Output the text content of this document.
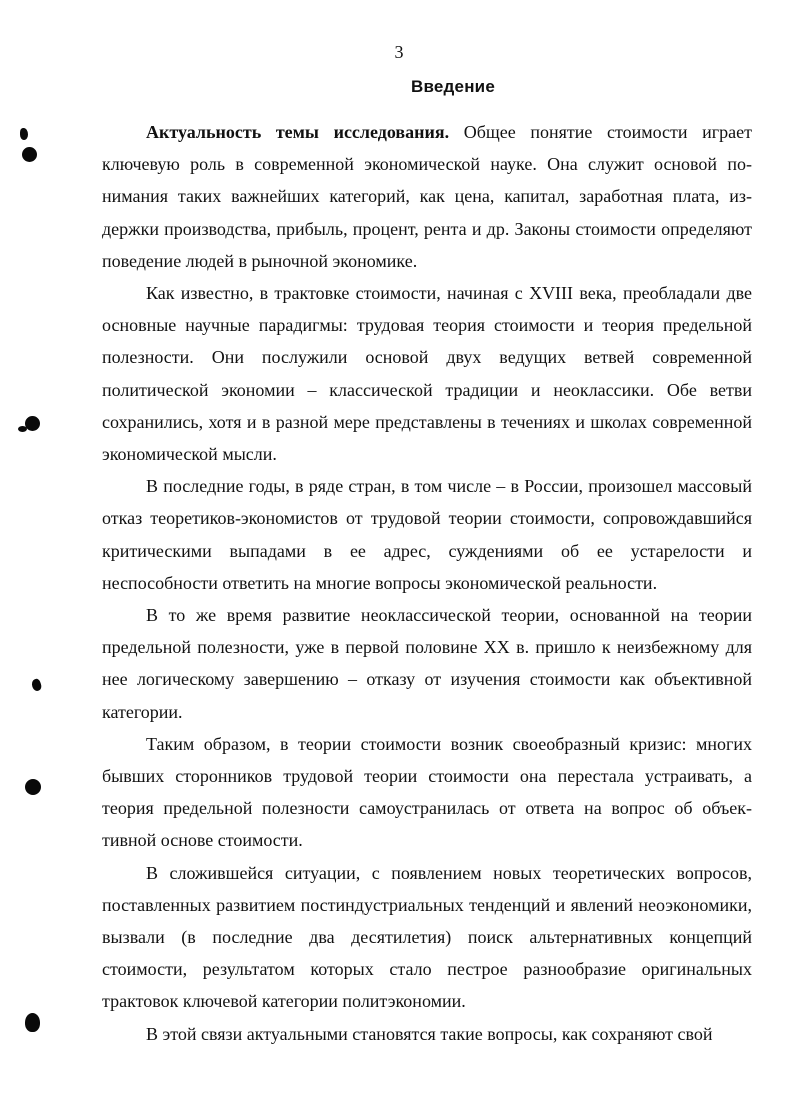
3
Введение

Актуальность темы исследования. Общее понятие стоимости играет ключевую роль в современной экономической науке. Она служит основой понимания таких важнейших категорий, как цена, капитал, заработная плата, издержки производства, прибыль, процент, рента и др. Законы стоимости определяют поведение людей в рыночной экономике.

Как известно, в трактовке стоимости, начиная с XVIII века, преобладали две основные научные парадигмы: трудовая теория стоимости и теория предельной полезности. Они послужили основой двух ведущих ветвей современной политической экономии – классической традиции и неоклассики. Обе ветви сохранились, хотя и в разной мере представлены в течениях и школах современной экономической мысли.

В последние годы, в ряде стран, в том числе – в России, произошел массовый отказ теоретиков-экономистов от трудовой теории стоимости, сопровождавшийся критическими выпадами в ее адрес, суждениями об ее устарелости и неспособности ответить на многие вопросы экономической реальности.

В то же время развитие неоклассической теории, основанной на теории предельной полезности, уже в первой половине XX в. пришло к неизбежному для нее логическому завершению – отказу от изучения стоимости как объективной категории.

Таким образом, в теории стоимости возник своеобразный кризис: многих бывших сторонников трудовой теории стоимости она перестала устраивать, а теория предельной полезности самоустранилась от ответа на вопрос об объективной основе стоимости.

В сложившейся ситуации, с появлением новых теоретических вопросов, поставленных развитием постиндустриальных тенденций и явлений неоэкономики, вызвали (в последние два десятилетия) поиск альтернативных концепций стоимости, результатом которых стало пестрое разнообразие оригинальных трактовок ключевой категории политэкономии.

В этой связи актуальными становятся такие вопросы, как сохраняют свой
